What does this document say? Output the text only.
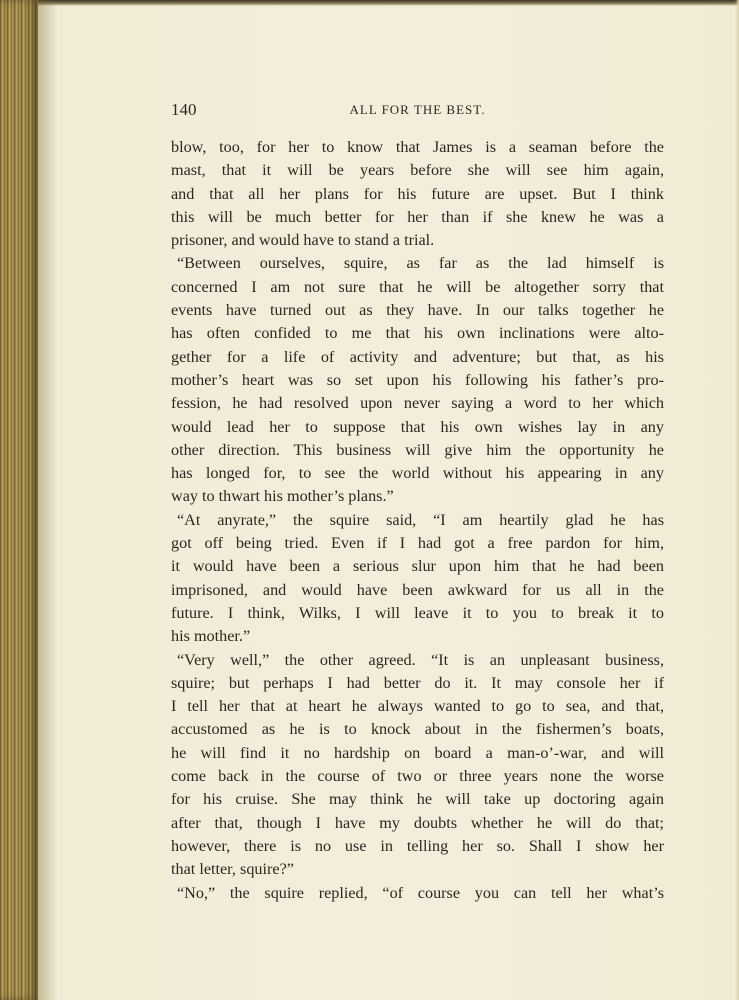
140	ALL FOR THE BEST.
blow, too, for her to know that James is a seaman before the
mast, that it will be years before she will see him again,
and that all her plans for his future are upset. But I think
this will be much better for her than if she knew he was a
prisoner, and would have to stand a trial.
“Between ourselves, squire, as far as the lad himself is
concerned I am not sure that he will be altogether sorry that
events have turned out as they have. In our talks together he
has often confided to me that his own inclinations were alto-
gether for a life of activity and adventure; but that, as his
mother’s heart was so set upon his following his father’s pro-
fession, he had resolved upon never saying a word to her which
would lead her to suppose that his own wishes lay in any
other direction. This business will give him the opportunity he
has longed for, to see the world without his appearing in any
way to thwart his mother’s plans.”
“At anyrate,” the squire said, “I am heartily glad he has
got off being tried. Even if I had got a free pardon for him,
it would have been a serious slur upon him that he had been
imprisoned, and would have been awkward for us all in the
future. I think, Wilks, I will leave it to you to break it to
his mother.”
“Very well,” the other agreed. “It is an unpleasant business,
squire; but perhaps I had better do it. It may console her if
I tell her that at heart he always wanted to go to sea, and that,
accustomed as he is to knock about in the fishermen’s boats,
he will find it no hardship on board a man-o’-war, and will
come back in the course of two or three years none the worse
for his cruise. She may think he will take up doctoring again
after that, though I have my doubts whether he will do that;
however, there is no use in telling her so. Shall I show her
that letter, squire?”
“No,” the squire replied, “of course you can tell her what’s
